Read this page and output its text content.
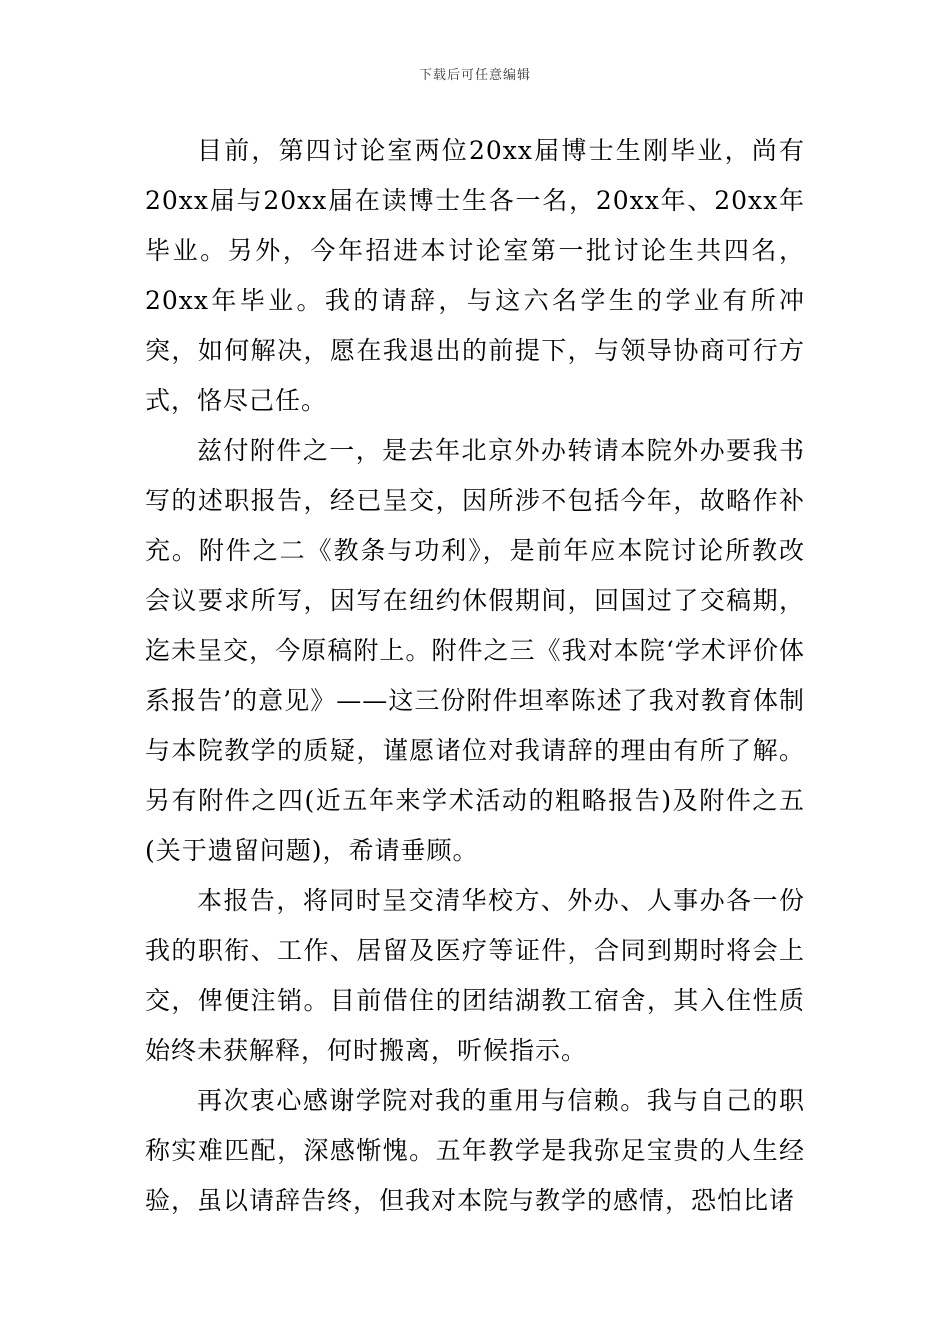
下载后可任意编辑

目前，第四讨论室两位20xx届博士生刚毕业，尚有20xx届与20xx届在读博士生各一名，20xx年、20xx年毕业。另外，今年招进本讨论室第一批讨论生共四名，20xx年毕业。我的请辞，与这六名学生的学业有所冲突，如何解决，愿在我退出的前提下，与领导协商可行方式，恪尽己任。

兹付附件之一，是去年北京外办转请本院外办要我书写的述职报告，经已呈交，因所涉不包括今年，故略作补充。附件之二《教条与功利》，是前年应本院讨论所教改会议要求所写，因写在纽约休假期间，回国过了交稿期，迄未呈交，今原稿附上。附件之三《我对本院‘学术评价体系报告’的意见》——这三份附件坦率陈述了我对教育体制与本院教学的质疑，谨愿诸位对我请辞的理由有所了解。另有附件之四(近五年来学术活动的粗略报告)及附件之五(关于遗留问题)，希请垂顾。

本报告，将同时呈交清华校方、外办、人事办各一份我的职衔、工作、居留及医疗等证件，合同到期时将会上交，俾便注销。目前借住的团结湖教工宿舍，其入住性质始终未获解释，何时搬离，听候指示。

再次衷心感谢学院对我的重用与信赖。我与自己的职称实难匹配，深感惭愧。五年教学是我弥足宝贵的人生经验，虽以请辞告终，但我对本院与教学的感情，恐怕比诸
